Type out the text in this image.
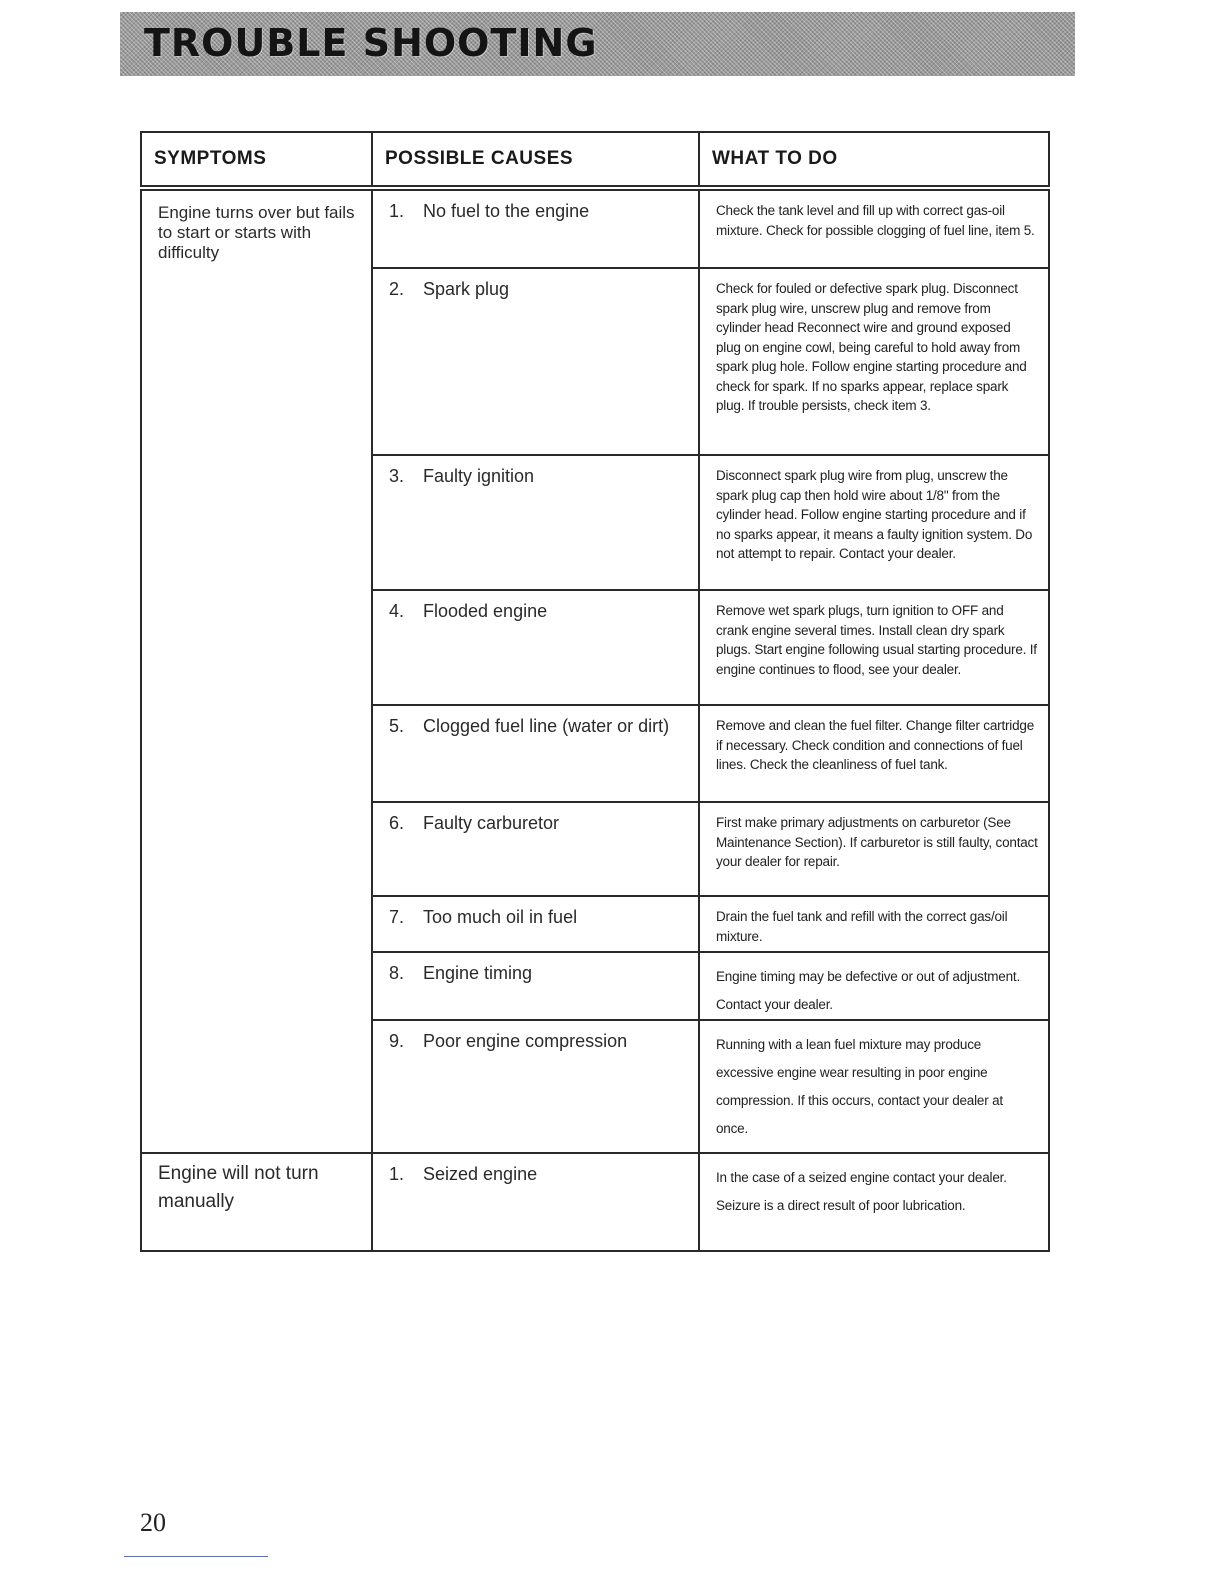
TROUBLE SHOOTING
SYMPTOMS	POSSIBLE CAUSES	WHAT TO DO
Engine turns over but fails to start or starts with difficulty	1. No fuel to the engine	Check the tank level and fill up with correct gas-oil mixture. Check for possible clogging of fuel line, item 5.

	2. Spark plug	Check for fouled or defective spark plug. Disconnect spark plug wire, unscrew plug and remove from cylinder head Reconnect wire and ground exposed plug on engine cowl, being careful to hold away from spark plug hole. Follow engine starting procedure and check for spark. If no sparks appear, replace spark plug. If trouble persists, check item 3.

	3. Faulty ignition	Disconnect spark plug wire from plug, unscrew the spark plug cap then hold wire about 1/8" from the cylinder head. Follow engine starting procedure and if no sparks appear, it means a faulty ignition system. Do not attempt to repair. Contact your dealer.

	4. Flooded engine	Remove wet spark plugs, turn ignition to OFF and crank engine several times. Install clean dry spark plugs. Start engine following usual starting procedure. If engine continues to flood, see your dealer.

	5. Clogged fuel line (water or dirt)	Remove and clean the fuel filter. Change filter cartridge if necessary. Check condition and connections of fuel lines. Check the cleanliness of fuel tank.

	6. Faulty carburetor	First make primary adjustments on carburetor (See Maintenance Section). If carburetor is still faulty, contact your dealer for repair.

	7. Too much oil in fuel	Drain the fuel tank and refill with the correct gas/oil mixture.

	8. Engine timing	Engine timing may be defective or out of adjustment. Contact your dealer.

	9. Poor engine compression	Running with a lean fuel mixture may produce excessive engine wear resulting in poor engine compression. If this occurs, contact your dealer at once.
Engine will not turn manually	1. Seized engine	In the case of a seized engine contact your dealer. Seizure is a direct result of poor lubrication.
20
